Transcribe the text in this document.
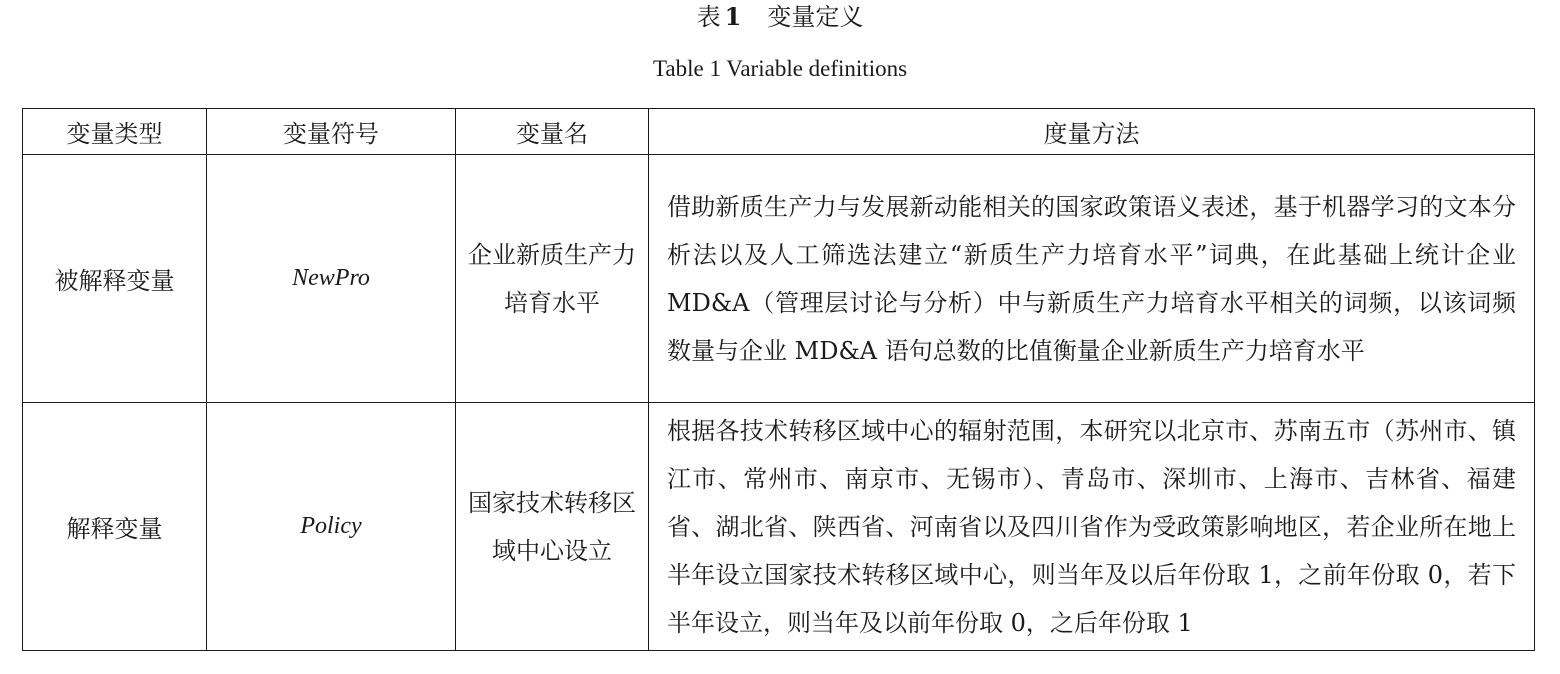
表 1 变量定义
Table 1 Variable definitions
变量类型	变量符号	变量名	度量方法
被解释变量	NewPro	企业新质生产力培育水平	借助新质生产力与发展新动能相关的国家政策语义表述，基于机器学习的文本分析法以及人工筛选法建立“新质生产力培育水平”词典，在此基础上统计企业 MD&A（管理层讨论与分析）中与新质生产力培育水平相关的词频，以该词频数量与企业 MD&A 语句总数的比值衡量企业新质生产力培育水平
解释变量	Policy	国家技术转移区域中心设立	根据各技术转移区域中心的辐射范围，本研究以北京市、苏南五市（苏州市、镇江市、常州市、南京市、无锡市）、青岛市、深圳市、上海市、吉林省、福建省、湖北省、陕西省、河南省以及四川省作为受政策影响地区，若企业所在地上半年设立国家技术转移区域中心，则当年及以后年份取 1，之前年份取 0，若下半年设立，则当年及以前年份取 0，之后年份取 1
